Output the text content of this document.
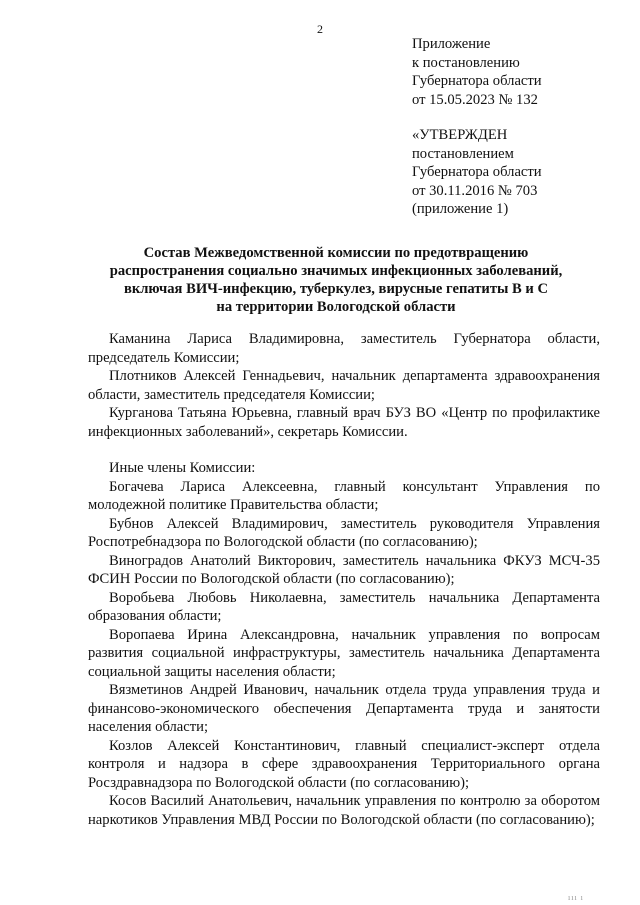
2
Приложение
к постановлению
Губернатора области
от 15.05.2023 № 132
«УТВЕРЖДЕН
постановлением
Губернатора области
от 30.11.2016 № 703
(приложение 1)
Состав Межведомственной комиссии по предотвращению
распространения социально значимых инфекционных заболеваний,
включая ВИЧ-инфекцию, туберкулез, вирусные гепатиты В и С
на территории Вологодской области

Каманина Лариса Владимировна, заместитель Губернатора области, председатель Комиссии;

Плотников Алексей Геннадьевич, начальник департамента здравоохранения области, заместитель председателя Комиссии;

Курганова Татьяна Юрьевна, главный врач БУЗ ВО «Центр по профилактике инфекционных заболеваний», секретарь Комиссии.

Иные члены Комиссии:

Богачева Лариса Алексеевна, главный консультант Управления по молодежной политике Правительства области;

Бубнов Алексей Владимирович, заместитель руководителя Управления Роспотребнадзора по Вологодской области (по согласованию);

Виноградов Анатолий Викторович, заместитель начальника ФКУЗ МСЧ-35 ФСИН России по Вологодской области (по согласованию);

Воробьева Любовь Николаевна, заместитель начальника Департамента образования области;

Воропаева Ирина Александровна, начальник управления по вопросам развития социальной инфраструктуры, заместитель начальника Департамента социальной защиты населения области;

Вязметинов Андрей Иванович, начальник отдела труда управления труда и финансово-экономического обеспечения Департамента труда и занятости населения области;

Козлов Алексей Константинович, главный специалист-эксперт отдела контроля и надзора в сфере здравоохранения Территориального органа Росздравнадзора по Вологодской области (по согласованию);

Косов Василий Анатольевич, начальник управления по контролю за оборотом наркотиков Управления МВД России по Вологодской области (по согласованию);

ııı ı
